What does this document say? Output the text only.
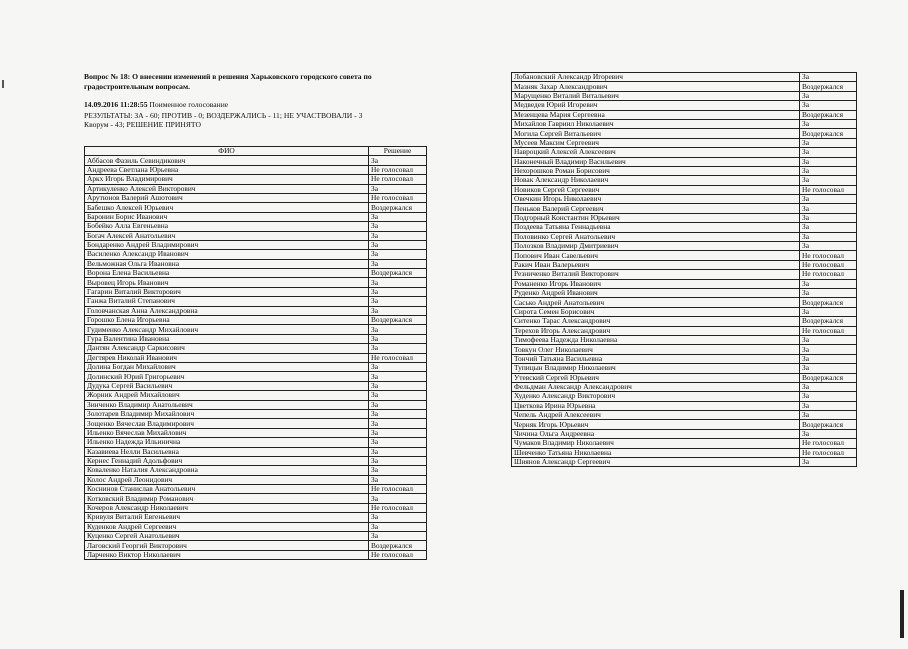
Вопрос № 18: О внесении изменений в решения Харьковского городского совета по градостроительным вопросам.
14.09.2016 11:28:55 Поименное голосование
РЕЗУЛЬТАТЫ: ЗА - 60; ПРОТИВ - 0; ВОЗДЕРЖАЛИСЬ - 11; НЕ УЧАСТВОВАЛИ - 3
Кворум - 43; РЕШЕНИЕ ПРИНЯТО
ФИО	Решение
Аббасов Фазиль Севиндикович	За
Андреева Светлана Юрьевна	Не голосовал
Аркх Игорь Владимирович	Не голосовал
Артикуленко Алексей Викторович	За
Арутюнов Валерий Ашотович	Не голосовал
Бабешко Алексей Юрьевич	Воздержался
Баронин Борис Иванович	За
Бобейко Алла Евгеньевна	За
Богач Алексей Анатольевич	За
Бондаренко Андрей Владимирович	За
Василенко Александр Иванович	За
Вельможная Ольга Ивановна	За
Ворона Елена Васильевна	Воздержался
Выровец Игорь Иванович	За
Гагарин Виталий Викторович	За
Ганжа Виталий Степанович	За
Головчанская Анна Александровна	За
Горошко Елена Игорьевна	Воздержался
Гудименко Александр Михайлович	За
Гура Валентина Ивановна	За
Дантян Александр Саркисович	За
Дегтярев Николай Иванович	Не голосовал
Долина Богдан Михайлович	За
Долинский Юрий Григорьевич	За
Дудука Сергей Васильевич	За
Жорник Андрей Михайлович	За
Зинченко Владимир Анатольевич	За
Золотарев Владимир Михайлович	За
Зощенко Вячеслав Владимирович	За
Ильенко Вячеслав Михайлович	За
Ильенко Надежда Ильинична	За
Казавиева Нелли Васильевна	За
Кернес Геннадий Адольфович	За
Коваленко Наталия Александровна	За
Колос Андрей Леонидович	За
Коснинов Станислав Анатольевич	Не голосовал
Котковский Владимир Романович	За
Кочеров Александр Николаевич	Не голосовал
Кривуля Виталий Евгеньевич	За
Куденков Андрей Сергеевич	За
Куценко Сергей Анатольевич	За
Лаговский Георгий Викторович	Воздержался
Ларченко Виктор Николаевич	Не голосовал
Лобановский Александр Игоревич	За
Мазняк Захар Александрович	Воздержался
Марущенко Виталий Витальевич	За
Медведев Юрий Игоревич	За
Мезенцева Мария Сергеевна	Воздержался
Михайлов Гавриил Николаевич	За
Могила Сергей Витальевич	Воздержался
Мусеев Максим Сергеевич	За
Навроцкий Алексей Алексеевич	За
Наконечный Владимир Васильевич	За
Нехорошков Роман Борисович	За
Новак Александр Николаевич	За
Новиков Сергей Сергеевич	Не голосовал
Овечкин Игорь Николаевич	За
Пеньков Валерий Сергеевич	За
Подгорный Константин Юрьевич	За
Поздеева Татьяна Геннадьевна	За
Половинко Сергей Анатольевич	За
Полозков Владимир Дмитриевич	За
Попович Иван Савельевич	Не голосовал
Ракич Иван Валерьевич	Не голосовал
Резниченко Виталий Викторович	Не голосовал
Романенко Игорь Иванович	За
Руденко Андрей Иванович	За
Сасько Андрей Анатольевич	Воздержался
Сирота Семен Борисович	За
Ситенко Тарас Александрович	Воздержался
Терехов Игорь Александрович	Не голосовал
Тимофеева Надежда Николаевна	За
Товкун Олег Николаевич	За
Тончий Татьяна Васильевна	За
Тупицын Владимир Николаевич	За
Утевский Сергей Юрьевич	Воздержался
Фельдман Александр Александрович	За
Худенко Александр Викторович	За
Цветкова Ирина Юрьевна	За
Чепель Андрей Алексеевич	За
Черняк Игорь Юрьевич	Воздержался
Чичина Ольга Андреевна	За
Чумаков Владимир Николаевич	Не голосовал
Шевченко Татьяна Николаевна	Не голосовал
Шиянов Александр Сергеевич	За
